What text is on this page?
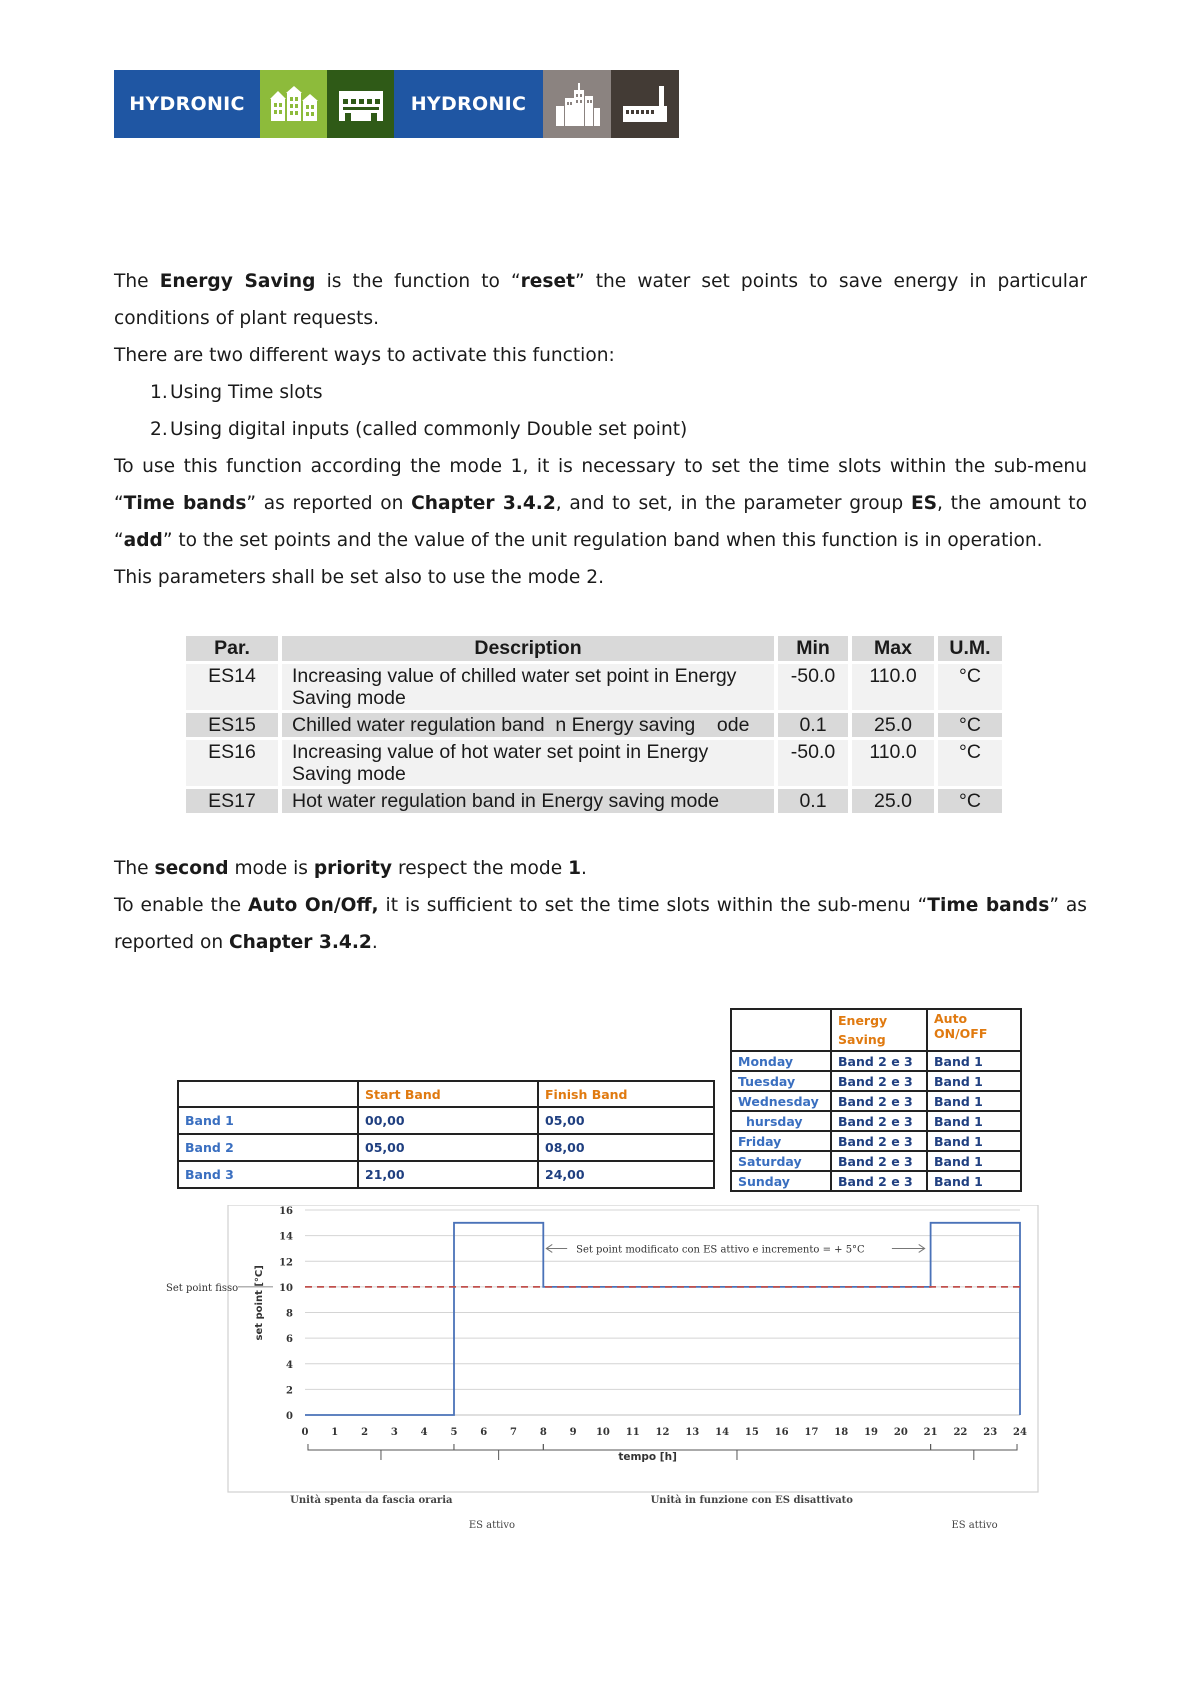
HYDRONIC	HYDRONIC

The Energy Saving is the function to “reset” the water set points to save energy in particular conditions of plant requests.

There are two different ways to activate this function:

1. Using Time slots
2. Using digital inputs (called commonly Double set point)

To use this function according the mode 1, it is necessary to set the time slots within the sub-menu “Time bands” as reported on Chapter 3.4.2, and to set, in the parameter group ES, the amount to “add” to the set points and the value of the unit regulation band when this function is in operation.

This parameters shall be set also to use the mode 2.

Par.	Description	Min	Max	U.M.
ES14	Increasing value of chilled water set point in Energy Saving mode	-50.0	110.0	°C
ES15	Chilled water regulation band  n Energy saving    ode	0.1	25.0	°C
ES16	Increasing value of hot water set point in Energy Saving mode	-50.0	110.0	°C
ES17	Hot water regulation band in Energy saving mode	0.1	25.0	°C

The second mode is priority respect the mode 1.

To enable the Auto On/Off, it is sufficient to set the time slots within the sub-menu “Time bands” as reported on Chapter 3.4.2.

	Energy Saving	Auto ON/OFF
Monday	Band 2 e 3	Band 1
Tuesday	Band 2 e 3	Band 1
Wednesday	Band 2 e 3	Band 1
hursday	Band 2 e 3	Band 1
Friday	Band 2 e 3	Band 1
Saturday	Band 2 e 3	Band 1
Sunday	Band 2 e 3	Band 1
	Start Band	Finish Band
Band 1	00,00	05,00
Band 2	05,00	08,00
Band 3	21,00	24,00
0
2
4
6
8
10
12
14
16
0 1 2 3 4 5 6 7 8 9 10 11 12 13 14 15 16 17 18 19 20 21 22 23 24
set point [°C]
tempo [h]
Set point fisso
Set point modificato con ES attivo e incremento = + 5°C
Unità spenta da fascia oraria
ES attivo
Unità in funzione con ES disattivato
ES attivo
